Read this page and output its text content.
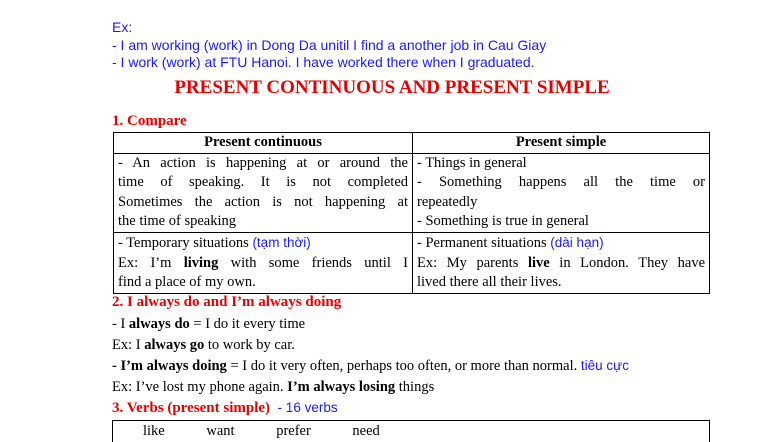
Ex:
- I am working (work) in Dong Da unitil I find a another job in Cau Giay
- I work (work) at FTU Hanoi. I have worked there when I graduated.
PRESENT CONTINUOUS AND PRESENT SIMPLE
1. Compare
Present continuous	Present simple

- An action is happening at or around the
time of speaking. It is not completed
Sometimes the action is not happening at
the time of speaking	- Things in general
- Something happens all the time or
repeatedly
- Something is true in general

- Temporary situations (tạm thời)
Ex: I’m living with some friends until I
find a place of my own.	- Permanent situations (dài hạn)
Ex: My parents live in London. They have
lived there all their lives.
2. I always do and I’m always doing
- I always do = I do it every time
Ex: I always go to work by car.
- I’m always doing = I do it very often, perhaps too often, or more than normal. tiêu cực
Ex: I’ve lost my phone again. I’m always losing things
3. Verbs (present simple) - 16 verbs
like	want	prefer	need
